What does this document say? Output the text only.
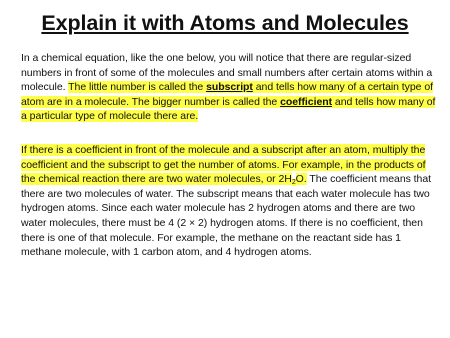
Explain it with Atoms and Molecules
In a chemical equation, like the one below, you will notice that there are regular-sized numbers in front of some of the molecules and small numbers after certain atoms within a molecule. The little number is called the subscript and tells how many of a certain type of atom are in a molecule. The bigger number is called the coefficient and tells how many of a particular type of molecule there are.
If there is a coefficient in front of the molecule and a subscript after an atom, multiply the coefficient and the subscript to get the number of atoms. For example, in the products of the chemical reaction there are two water molecules, or $2H_2O$. The coefficient means that there are two molecules of water. The subscript means that each water molecule has two hydrogen atoms. Since each water molecule has 2 hydrogen atoms and there are two water molecules, there must be 4 (2 × 2) hydrogen atoms. If there is no coefficient, then there is one of that molecule. For example, the methane on the reactant side has 1 methane molecule, with 1 carbon atom, and 4 hydrogen atoms.
